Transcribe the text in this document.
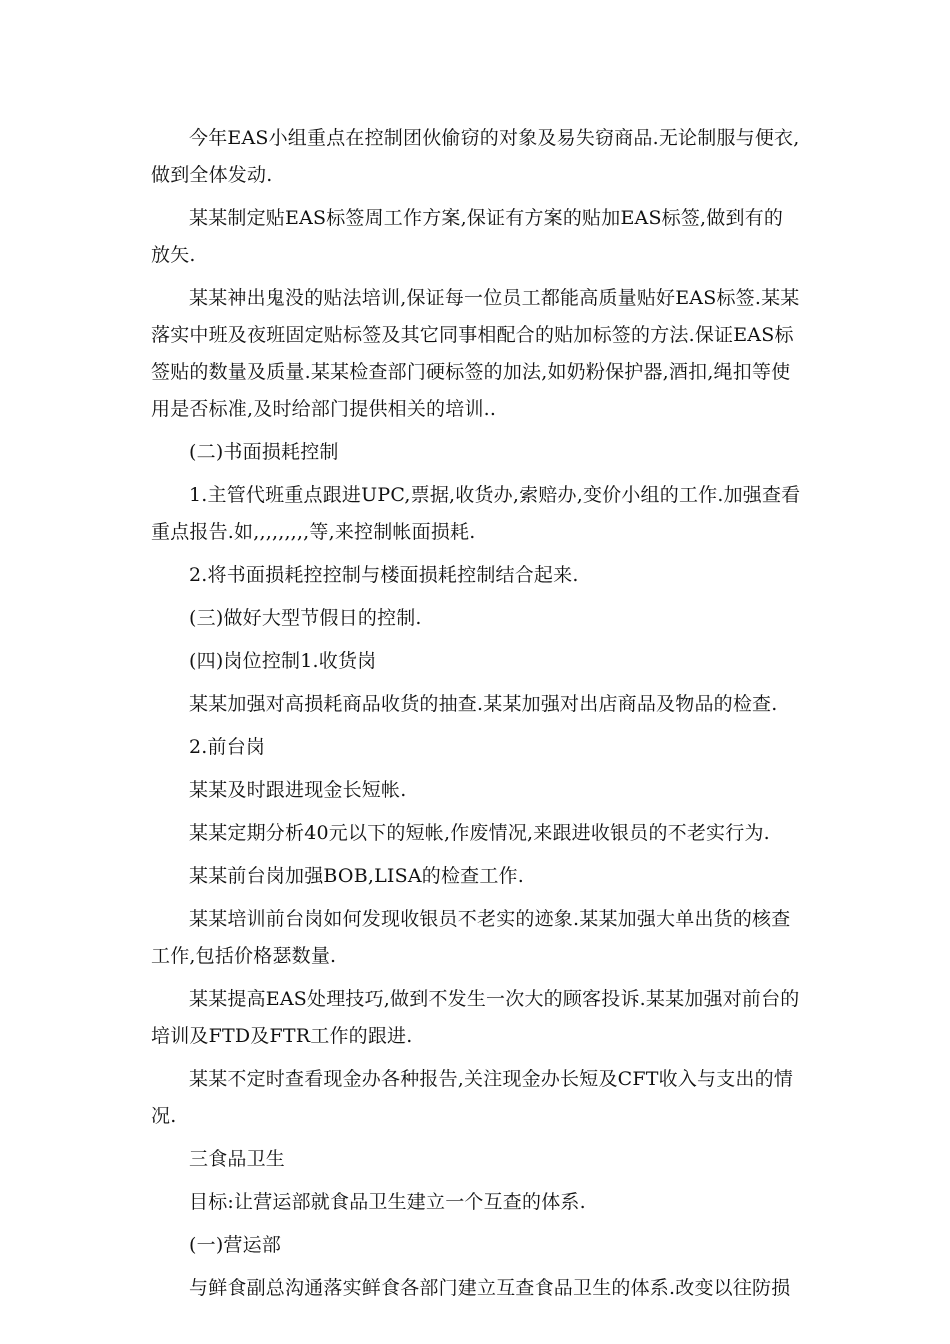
今年EAS小组重点在控制团伙偷窃的对象及易失窃商品.无论制服与便衣,做到全体发动.

某某制定贴EAS标签周工作方案,保证有方案的贴加EAS标签,做到有的放矢.

某某神出鬼没的贴法培训,保证每一位员工都能高质量贴好EAS标签.某某落实中班及夜班固定贴标签及其它同事相配合的贴加标签的方法.保证EAS标签贴的数量及质量.某某检查部门硬标签的加法,如奶粉保护器,酒扣,绳扣等使用是否标准,及时给部门提供相关的培训..

(二)书面损耗控制

1.主管代班重点跟进UPC,票据,收货办,索赔办,变价小组的工作.加强查看重点报告.如,,,,,,,,,等,来控制帐面损耗.

2.将书面损耗控控制与楼面损耗控制结合起来.

(三)做好大型节假日的控制.

(四)岗位控制1.收货岗

某某加强对高损耗商品收货的抽查.某某加强对出店商品及物品的检查.

2.前台岗

某某及时跟进现金长短帐.

某某定期分析40元以下的短帐,作废情况,来跟进收银员的不老实行为.

某某前台岗加强BOB,LISA的检查工作.

某某培训前台岗如何发现收银员不老实的迹象.某某加强大单出货的核查工作,包括价格瑟数量.

某某提高EAS处理技巧,做到不发生一次大的顾客投诉.某某加强对前台的培训及FTD及FTR工作的跟进.

某某不定时查看现金办各种报告,关注现金办长短及CFT收入与支出的情况.

三食品卫生

目标:让营运部就食品卫生建立一个互查的体系.

(一)营运部

与鲜食副总沟通落实鲜食各部门建立互查食品卫生的体系.改变以往防损
